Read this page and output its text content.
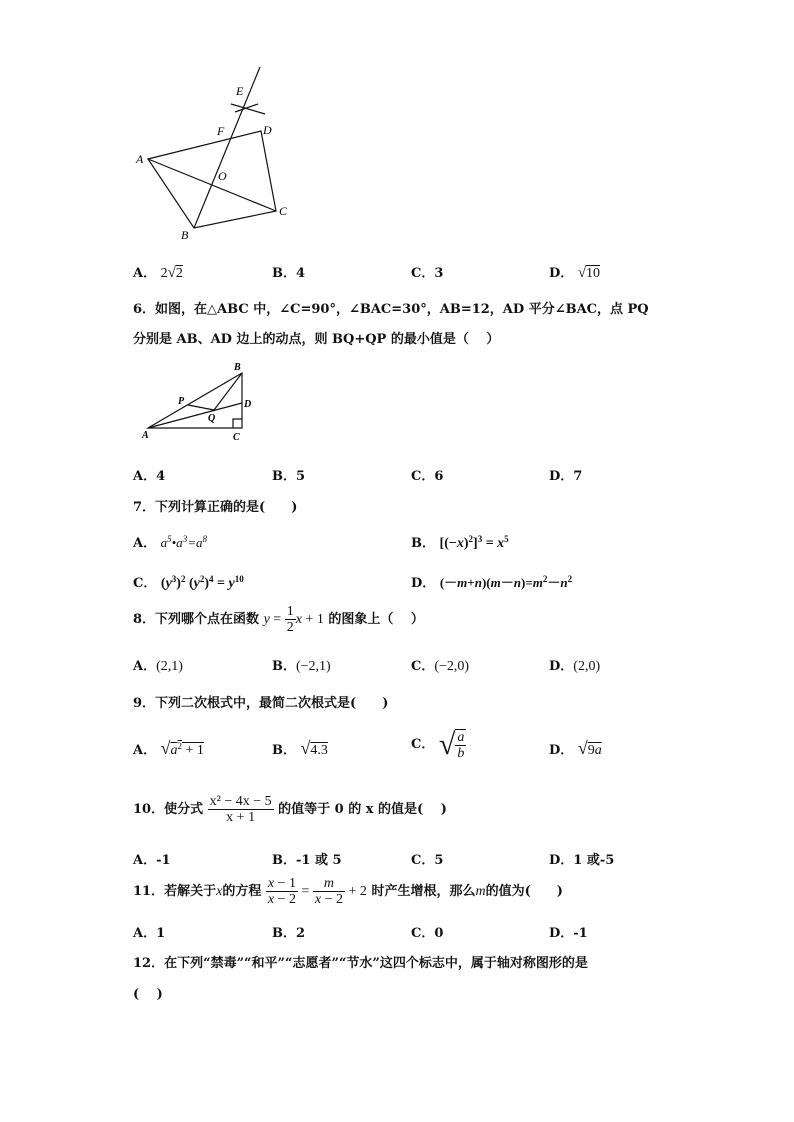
E
F	D
A
O
C
B
A． 2√2	B．4	C．3	D． √10
6．如图，在△ABC 中，∠C=90°，∠BAC=30°，AB=12，AD 平分∠BAC，点 PQ
分别是 AB、AD 边上的动点，则 BQ+QP 的最小值是（　 ）
B
P	D
Q
A	C
A．4	B．5	C．6	D．7
7．下列计算正确的是(　　)
A． $a^5•a^3=a^8$	B． $[(-x)^2]^3 = x^5$
C． $(y^3)^2$ $(y^2)^4 = y^{10}$	D． $(-m+n)(m-n)=m^2-n^2$
8．下列哪个点在函数 $y = \frac{1}{2}$ x + 1 的图象上（　 ）
A．(2,1)	B．(−2,1)	C．(−2,0)	D．(2,0)
9．下列二次根式中，最简二次根式是(　　)
A． $√a^2 + 1$	B． √4.3	C． √ $\frac{a}{b}$	D． √9a
10．使分式 $\frac{\text{x² − 4x − 5}}{x + 1}$ 的值等于 0 的 x 的值是(　 )
A．-1	B．-1 或 5	C．5	D．1 或-5
11．若解关于x的方程 $\frac{x - 1}{x - 2} = \frac{m}{x - 2} + 2$ 时产生增根，那么m的值为(　　)
A．1	B．2	C．0	D．-1
12．在下列“禁毒”“和平”“志愿者”“节水”这四个标志中，属于轴对称图形的是
(　 )
